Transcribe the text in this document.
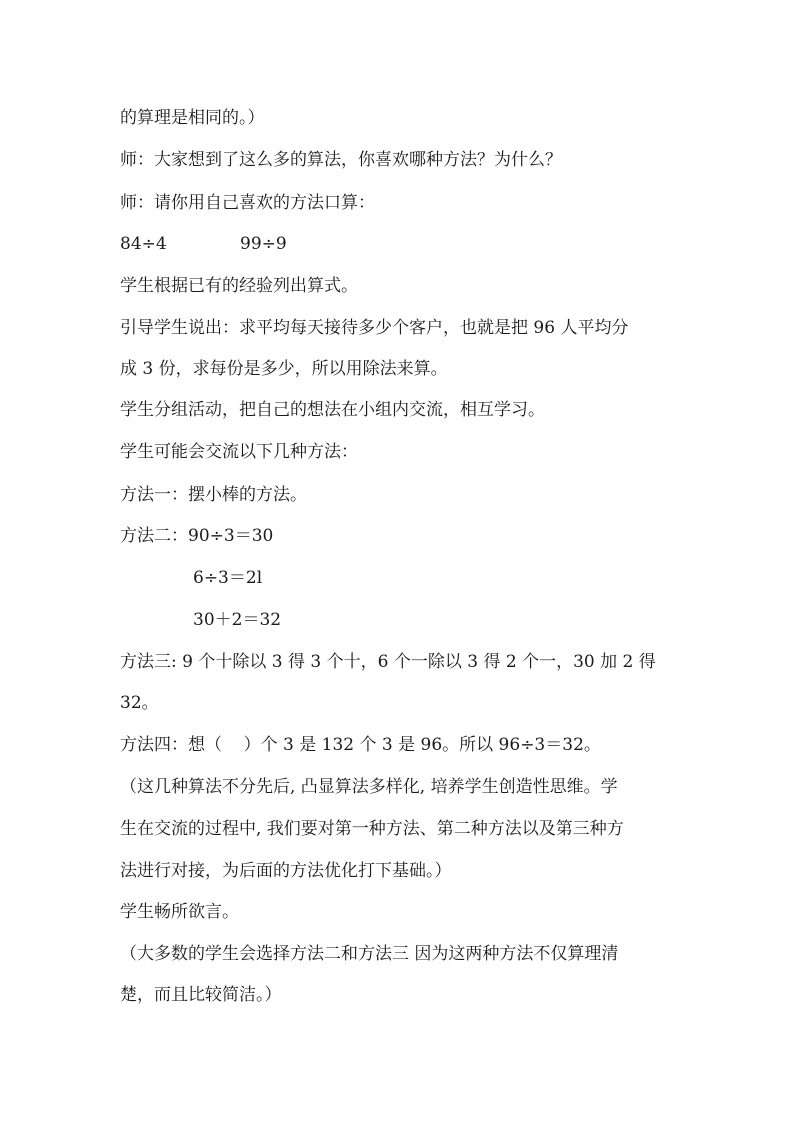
的算理是相同的。）
师：大家想到了这么多的算法，你喜欢哪种方法？为什么？
师：请你用自己喜欢的方法口算：
84÷4	99÷9
学生根据已有的经验列出算式。
引导学生说出：求平均每天接待多少个客户，也就是把 96 人平均分
成 3 份，求每份是多少，所以用除法来算。
学生分组活动，把自己的想法在小组内交流，相互学习。
学生可能会交流以下几种方法：
方法一：摆小棒的方法。
方法二：90÷3＝30
6÷3＝2l
30＋2＝32
方法三: 9 个十除以 3 得 3 个十，6 个一除以 3 得 2 个一，30 加 2 得
32。
方法四：想（    ）个 3 是 132 个 3 是 96。所以 96÷3＝32。
（这几种算法不分先后, 凸显算法多样化, 培养学生创造性思维。学
生在交流的过程中, 我们要对第一种方法、第二种方法以及第三种方
法进行对接，为后面的方法优化打下基础。）
学生畅所欲言。
（大多数的学生会选择方法二和方法三 因为这两种方法不仅算理清
楚，而且比较简洁。）
